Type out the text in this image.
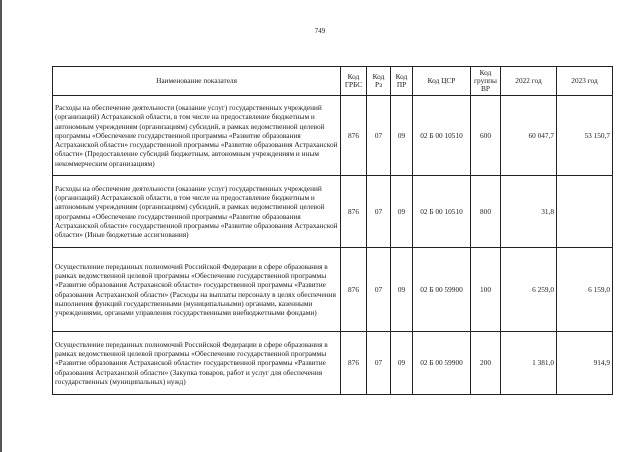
749
Наименование показателя	Код ГРБС	Код Рз	Код ПР	Код ЦСР	Код группы ВР	2022 год	2023 год
Расходы на обеспечение деятельности (оказание услуг) государственных учреждений (организаций) Астраханской области, в том числе на предоставление бюджетным и автономным учреждениям (организациям) субсидий, в рамках ведомственной целевой программы «Обеспечение государственной программы «Развитие образования Астраханской области» государственной программы «Развитие образования Астраханской области» (Предоставление субсидий бюджетным, автономным учреждениям и иным некоммерческим организациям)	876	07	09	02 Б 00 10510	600	60 047,7	53 150,7
Расходы на обеспечение деятельности (оказание услуг) государственных учреждений (организаций) Астраханской области, в том числе на предоставление бюджетным и автономным учреждениям (организациям) субсидий, в рамках ведомственной целевой программы «Обеспечение государственной программы «Развитие образования Астраханской области» государственной программы «Развитие образования Астраханской области» (Иные бюджетные ассигнования)	876	07	09	02 Б 00 10510	800	31,8	
Осуществление переданных полномочий Российской Федерации в сфере образования в рамках ведомственной целевой программы «Обеспечение государственной программы «Развитие образования Астраханской области» государственной программы «Развитие образования Астраханской области» (Расходы на выплаты персоналу в целях обеспечения выполнения функций государственными (муниципальными) органами, казенными учреждениями, органами управления государственными внебюджетными фондами)	876	07	09	02 Б 00 59900	100	6 259,0	6 159,0
Осуществление переданных полномочий Российской Федерации в сфере образования в рамках ведомственной целевой программы «Обеспечение государственной программы «Развитие образования Астраханской области» государственной программы «Развитие образования Астраханской области» (Закупка товаров, работ и услуг для обеспечения государственных (муниципальных) нужд)	876	07	09	02 Б 00 59900	200	1 381,0	914,9
